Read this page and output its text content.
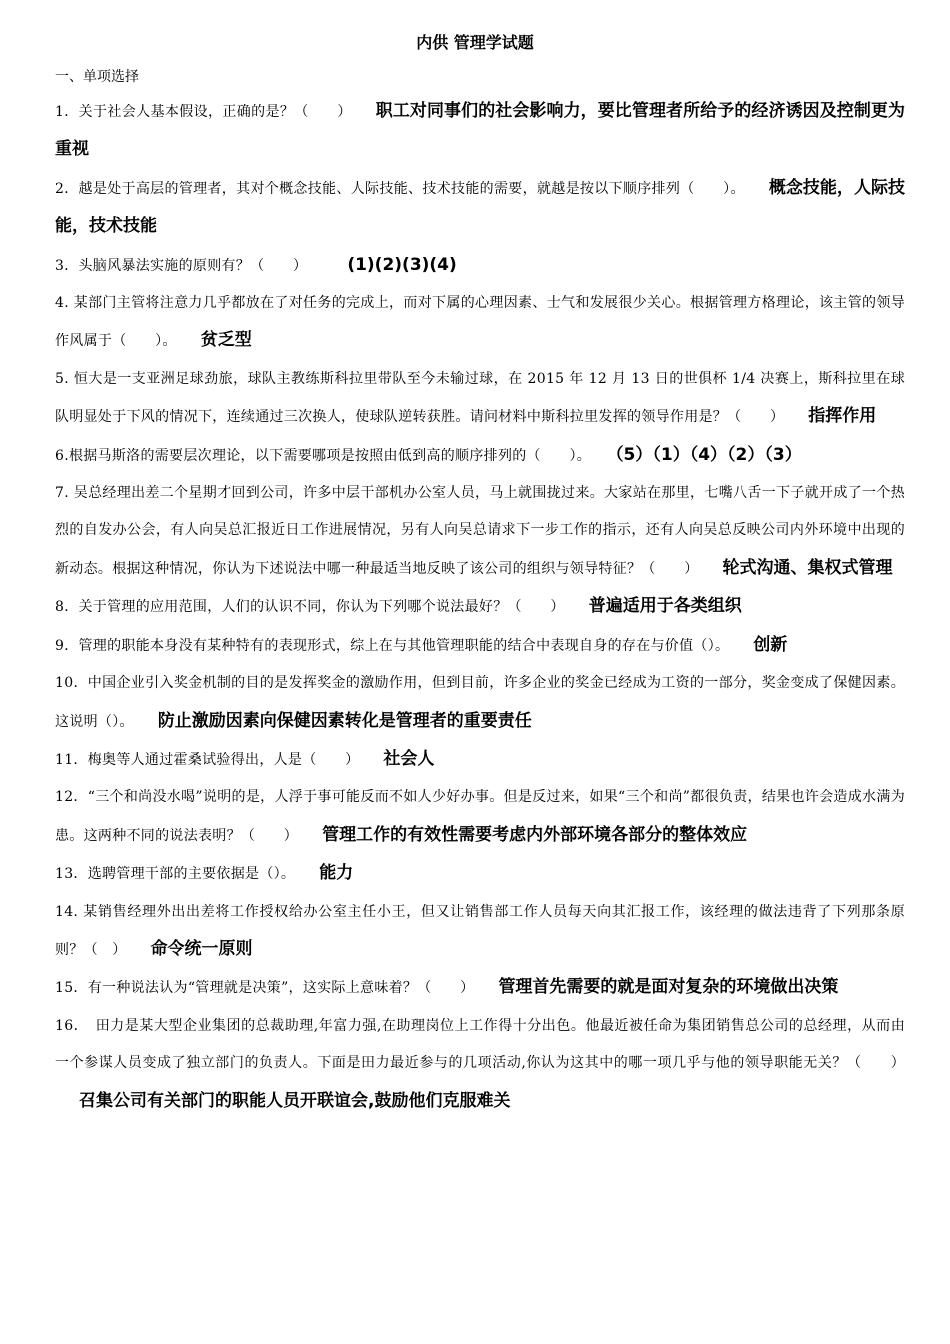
内供 管理学试题
一、单项选择

1．关于社会人基本假设，正确的是？（　　） 职工对同事们的社会影响力，要比管理者所给予的经济诱因及控制更为重视

2．越是处于高层的管理者，其对个概念技能、人际技能、技术技能的需要，就越是按以下顺序排列（　　）。 概念技能，人际技能，技术技能

3．头脑风暴法实施的原则有？（　　） (1)(2)(3)(4)

4. 某部门主管将注意力几乎都放在了对任务的完成上，而对下属的心理因素、士气和发展很少关心。根据管理方格理论，该主管的领导作风属于（　　）。 贫乏型

5. 恒大是一支亚洲足球劲旅，球队主教练斯科拉里带队至今未输过球，在 2015 年 12 月 13 日的世俱杯 1/4 决赛上，斯科拉里在球队明显处于下风的情况下，连续通过三次换人，使球队逆转获胜。请问材料中斯科拉里发挥的领导作用是？（　　） 指挥作用

6.根据马斯洛的需要层次理论，以下需要哪项是按照由低到高的顺序排列的（　　）。 （5）（1）（4）（2）（3）

7. 吴总经理出差二个星期才回到公司，许多中层干部机办公室人员，马上就围拢过来。大家站在那里，七嘴八舌一下子就开成了一个热烈的自发办公会，有人向吴总汇报近日工作进展情况，另有人向吴总请求下一步工作的指示，还有人向吴总反映公司内外环境中出现的新动态。根据这种情况，你认为下述说法中哪一种最适当地反映了该公司的组织与领导特征？（　　） 轮式沟通、集权式管理

8．关于管理的应用范围，人们的认识不同，你认为下列哪个说法最好？（　　） 普遍适用于各类组织

9．管理的职能本身没有某种特有的表现形式，综上在与其他管理职能的结合中表现自身的存在与价值（）。 创新

10．中国企业引入奖金机制的目的是发挥奖金的激励作用，但到目前，许多企业的奖金已经成为工资的一部分，奖金变成了保健因素。这说明（）。 防止激励因素向保健因素转化是管理者的重要责任

11．梅奥等人通过霍桑试验得出，人是（　　） 社会人

12．“三个和尚没水喝”说明的是，人浮于事可能反而不如人少好办事。但是反过来，如果“三个和尚”都很负责，结果也许会造成水满为患。这两种不同的说法表明？（　　） 管理工作的有效性需要考虑内外部环境各部分的整体效应

13．选聘管理干部的主要依据是（）。 能力

14. 某销售经理外出出差将工作授权给办公室主任小王，但又让销售部工作人员每天向其汇报工作，该经理的做法违背了下列那条原则？（　） 命令统一原则

15．有一种说法认为“管理就是决策”，这实际上意味着？（　　） 管理首先需要的就是面对复杂的环境做出决策

16．　田力是某大型企业集团的总裁助理,年富力强,在助理岗位上工作得十分出色。他最近被任命为集团销售总公司的总经理，从而由一个参谋人员变成了独立部门的负责人。下面是田力最近参与的几项活动,你认为这其中的哪一项几乎与他的领导职能无关？（　　）召集公司有关部门的职能人员开联谊会,鼓励他们克服难关
